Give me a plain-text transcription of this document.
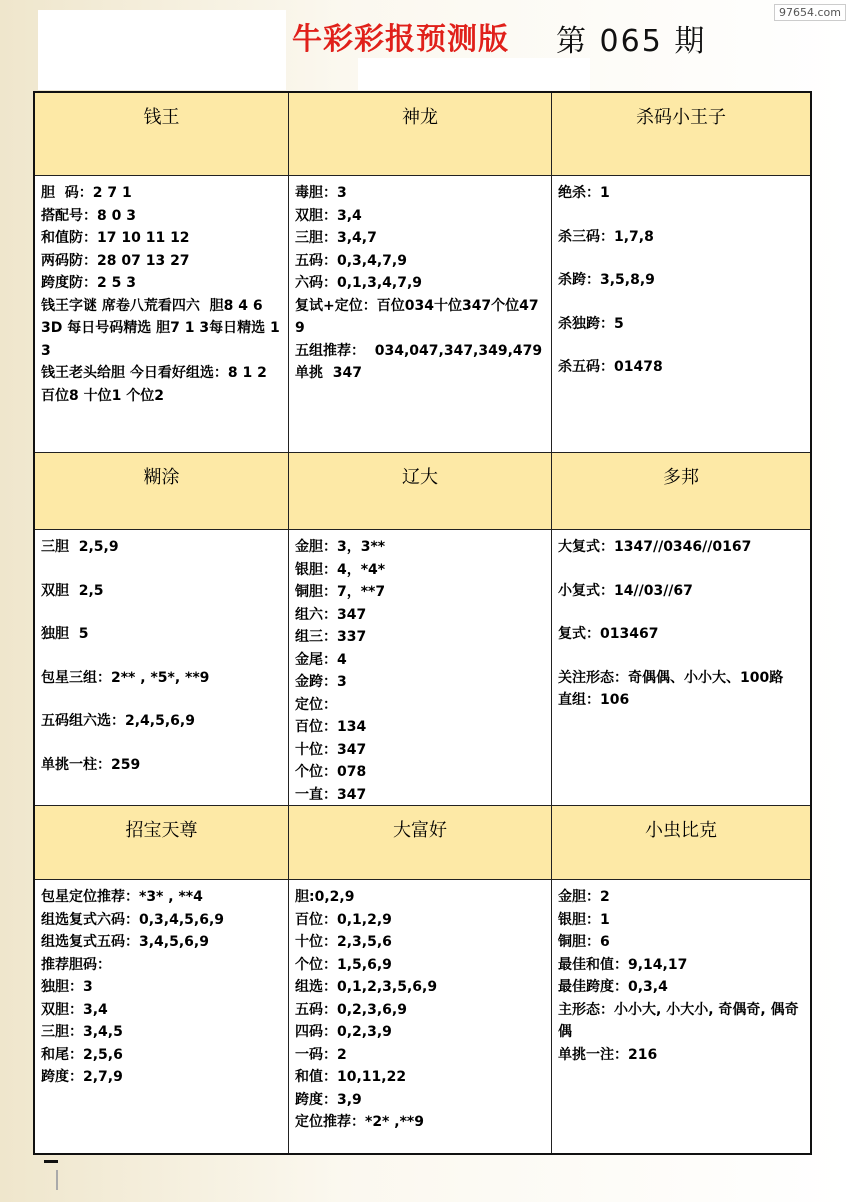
97654.com
牛彩彩报预测版 第 065 期
钱王
胆  码：2 7 1
搭配号：8 0 3
和值防：17 10 11 12
两码防：28 07 13 27
跨度防：2 5 3
钱王字谜 席卷八荒看四六  胆8 4 6
3D 每日号码精选 胆7 1 3每日精选 1 3
钱王老头给胆 今日看好组选：8 1 2
百位8 十位1 个位2
神龙
毒胆：3
双胆：3,4
三胆：3,4,7
五码：0,3,4,7,9
六码：0,1,3,4,7,9
复试+定位：百位034十位347个位479
五组推荐：  034,047,347,349,479
单挑  347
杀码小王子
绝杀：1
杀三码：1,7,8
杀跨：3,5,8,9
杀独跨：5
杀五码：01478
糊涂
三胆  2,5,9
双胆  2,5
独胆  5
包星三组：2** , *5*, **9
五码组六选：2,4,5,6,9
单挑一柱：259
辽大
金胆：3，3**
银胆：4，*4*
铜胆：7，**7
组六：347
组三：337
金尾：4
金跨：3
定位：
百位：134
十位：347
个位：078
一直：347
多邦
大复式：1347//0346//0167
小复式：14//03//67
复式：013467
关注形态：奇偶偶、小小大、100路
直组：106
招宝天尊
包星定位推荐：*3* , **4
组选复式六码：0,3,4,5,6,9
组选复式五码：3,4,5,6,9
推荐胆码：
独胆：3
双胆：3,4
三胆：3,4,5
和尾：2,5,6
跨度：2,7,9
大富好
胆:0,2,9
百位：0,1,2,9
十位：2,3,5,6
个位：1,5,6,9
组选：0,1,2,3,5,6,9
五码：0,2,3,6,9
四码：0,2,3,9
一码：2
和值：10,11,22
跨度：3,9
定位推荐：*2* ,**9
小虫比克
金胆：2
银胆：1
铜胆：6
最佳和值：9,14,17
最佳跨度：0,3,4
主形态：小小大, 小大小, 奇偶奇, 偶奇偶
单挑一注：216
